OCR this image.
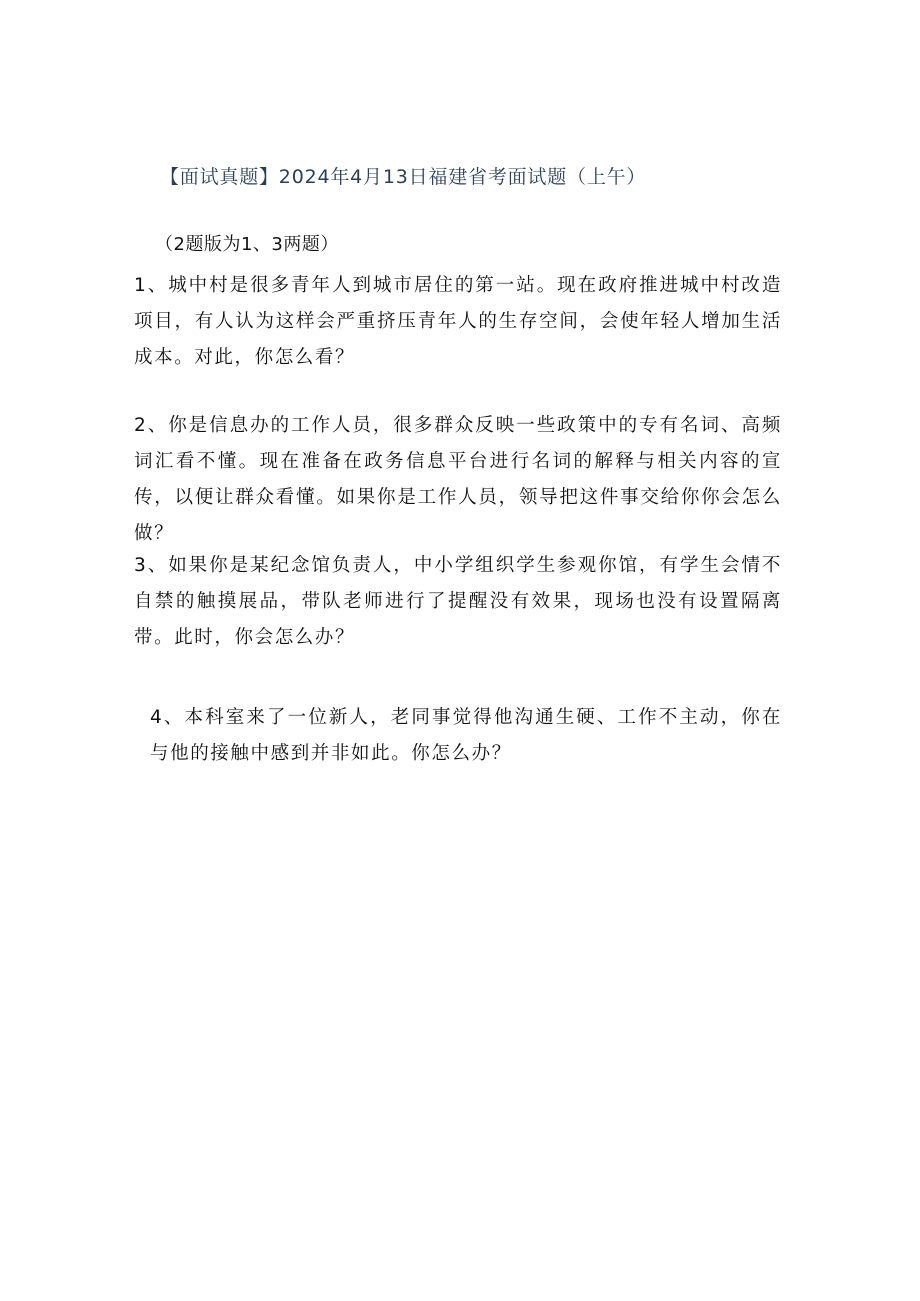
【面试真题】2024年4月13日福建省考面试题（上午）
（2题版为1、3两题）
1、城中村是很多青年人到城市居住的第一站。现在政府推进城中村改造项目，有人认为这样会严重挤压青年人的生存空间，会使年轻人增加生活成本。对此，你怎么看？
2、你是信息办的工作人员，很多群众反映一些政策中的专有名词、高频词汇看不懂。现在准备在政务信息平台进行名词的解释与相关内容的宣传，以便让群众看懂。如果你是工作人员，领导把这件事交给你你会怎么做？
3、如果你是某纪念馆负责人，中小学组织学生参观你馆，有学生会情不自禁的触摸展品，带队老师进行了提醒没有效果，现场也没有设置隔离带。此时，你会怎么办？
4、本科室来了一位新人，老同事觉得他沟通生硬、工作不主动，你在与他的接触中感到并非如此。你怎么办？
